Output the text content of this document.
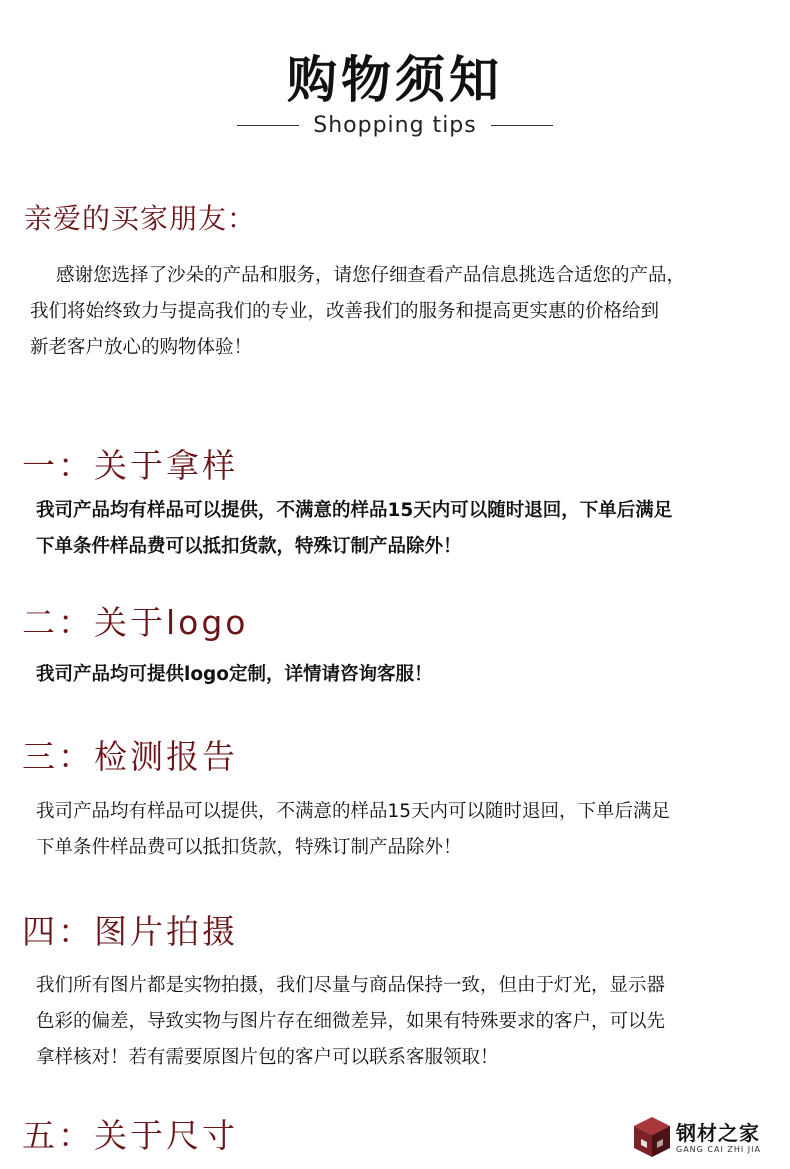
购物须知
Shopping tips
亲爱的买家朋友：
感谢您选择了沙朵的产品和服务，请您仔细查看产品信息挑选合适您的产品，
我们将始终致力与提高我们的专业，改善我们的服务和提高更实惠的价格给到
新老客户放心的购物体验！
一：关于拿样
我司产品均有样品可以提供，不满意的样品15天内可以随时退回，下单后满足
下单条件样品费可以抵扣货款，特殊订制产品除外！
二：关于logo
我司产品均可提供logo定制，详情请咨询客服！
三：检测报告
我司产品均有样品可以提供，不满意的样品15天内可以随时退回，下单后满足
下单条件样品费可以抵扣货款，特殊订制产品除外！
四：图片拍摄
我们所有图片都是实物拍摄，我们尽量与商品保持一致，但由于灯光，显示器
色彩的偏差，导致实物与图片存在细微差异，如果有特殊要求的客户，可以先
拿样核对！若有需要原图片包的客户可以联系客服领取！
五：关于尺寸	钢材之家
GANG CAI ZHI JIA
